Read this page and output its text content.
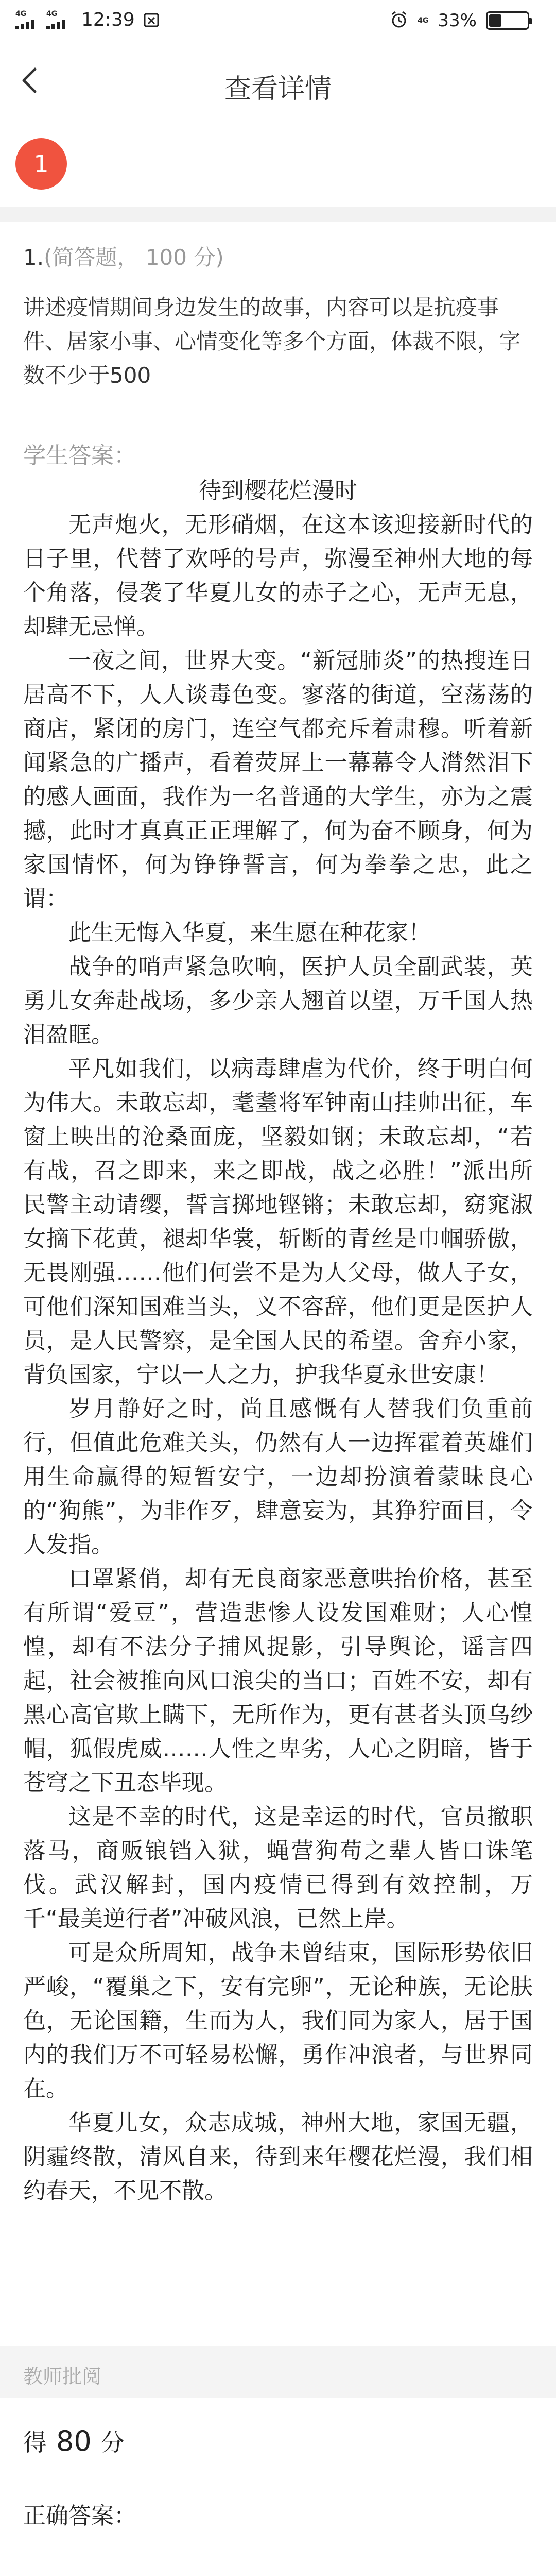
4G	4G 12:39	4G 33%
查看详情
1
1.(简答题， 100 分)
讲述疫情期间身边发生的故事，内容可以是抗疫事件、居家小事、心情变化等多个方面，体裁不限，字数不少于500
学生答案：
待到樱花烂漫时

无声炮火，无形硝烟，在这本该迎接新时代的日子里，代替了欢呼的号声，弥漫至神州大地的每个角落，侵袭了华夏儿女的赤子之心，无声无息，却肆无忌惮。

一夜之间，世界大变。“新冠肺炎”的热搜连日居高不下，人人谈毒色变。寥落的街道，空荡荡的商店，紧闭的房门，连空气都充斥着肃穆。听着新闻紧急的广播声，看着荧屏上一幕幕令人潸然泪下的感人画面，我作为一名普通的大学生，亦为之震撼，此时才真真正正理解了，何为奋不顾身，何为家国情怀，何为铮铮誓言，何为拳拳之忠，此之谓：

此生无悔入华夏，来生愿在种花家！

战争的哨声紧急吹响，医护人员全副武装，英勇儿女奔赴战场，多少亲人翘首以望，万千国人热泪盈眶。

平凡如我们，以病毒肆虐为代价，终于明白何为伟大。未敢忘却，耄耋将军钟南山挂帅出征，车窗上映出的沧桑面庞，坚毅如钢；未敢忘却，“若有战，召之即来，来之即战，战之必胜！”派出所民警主动请缨，誓言掷地铿锵；未敢忘却，窈窕淑女摘下花黄，褪却华裳，斩断的青丝是巾帼骄傲，无畏刚强……他们何尝不是为人父母，做人子女，可他们深知国难当头，义不容辞，他们更是医护人员，是人民警察，是全国人民的希望。舍弃小家，背负国家，宁以一人之力，护我华夏永世安康！

岁月静好之时，尚且感慨有人替我们负重前行，但值此危难关头，仍然有人一边挥霍着英雄们用生命赢得的短暂安宁，一边却扮演着蒙昧良心的“狗熊”，为非作歹，肆意妄为，其狰狞面目，令人发指。

口罩紧俏，却有无良商家恶意哄抬价格，甚至有所谓“爱豆”，营造悲惨人设发国难财；人心惶惶，却有不法分子捕风捉影，引导舆论，谣言四起，社会被推向风口浪尖的当口；百姓不安，却有黑心高官欺上瞒下，无所作为，更有甚者头顶乌纱帽，狐假虎威……人性之卑劣，人心之阴暗，皆于苍穹之下丑态毕现。

这是不幸的时代，这是幸运的时代，官员撤职落马，商贩锒铛入狱，蝇营狗苟之辈人皆口诛笔伐。武汉解封，国内疫情已得到有效控制，万千“最美逆行者”冲破风浪，已然上岸。

可是众所周知，战争未曾结束，国际形势依旧严峻，“覆巢之下，安有完卵”，无论种族，无论肤色，无论国籍，生而为人，我们同为家人，居于国内的我们万不可轻易松懈，勇作冲浪者，与世界同在。

华夏儿女，众志成城，神州大地，家国无疆，阴霾终散，清风自来，待到来年樱花烂漫，我们相约春天，不见不散。

教师批阅
得 80 分
正确答案：
